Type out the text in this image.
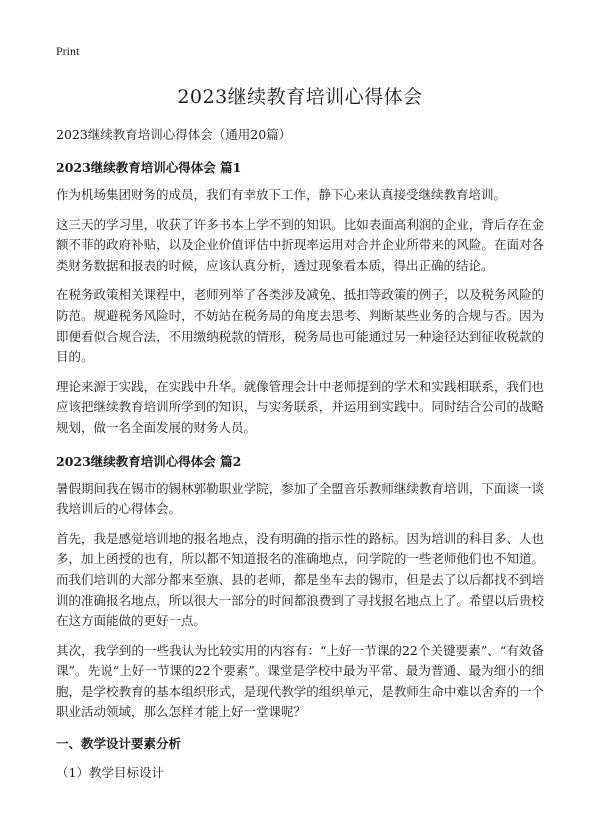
Print
2023继续教育培训心得体会

2023继续教育培训心得体会（通用20篇）

2023继续教育培训心得体会 篇1

作为机场集团财务的成员，我们有幸放下工作，静下心来认真接受继续教育培训。

这三天的学习里，收获了许多书本上学不到的知识。比如表面高利润的企业，背后存在金额不菲的政府补贴，以及企业价值评估中折现率运用对合并企业所带来的风险。在面对各类财务数据和报表的时候，应该认真分析，透过现象看本质，得出正确的结论。

在税务政策相关课程中，老师列举了各类涉及减免、抵扣等政策的例子，以及税务风险的防范。规避税务风险时，不妨站在税务局的角度去思考、判断某些业务的合规与否。因为即便看似合规合法，不用缴纳税款的情形，税务局也可能通过另一种途径达到征收税款的目的。

理论来源于实践，在实践中升华。就像管理会计中老师提到的学术和实践相联系，我们也应该把继续教育培训所学到的知识，与实务联系，并运用到实践中。同时结合公司的战略规划，做一名全面发展的财务人员。

2023继续教育培训心得体会 篇2

暑假期间我在锡市的锡林郭勒职业学院，参加了全盟音乐教师继续教育培训，下面谈一谈我培训后的心得体会。

首先，我是感觉培训地的报名地点，没有明确的指示性的路标。因为培训的科目多、人也多，加上函授的也有，所以都不知道报名的准确地点，问学院的一些老师他们也不知道。而我们培训的大部分都来至旗、县的老师，都是坐车去的锡市，但是去了以后都找不到培训的准确报名地点，所以很大一部分的时间都浪费到了寻找报名地点上了。希望以后贵校在这方面能做的更好一点。

其次，我学到的一些我认为比较实用的内容有：“上好一节课的22个关键要素”、“有效备课”。先说“上好一节课的22个要素”。课堂是学校中最为平常、最为普通、最为细小的细胞，是学校教育的基本组织形式，是现代教学的组织单元，是教师生命中难以舍弃的一个职业活动领域，那么怎样才能上好一堂课呢？

一、教学设计要素分析

（1）教学目标设计
